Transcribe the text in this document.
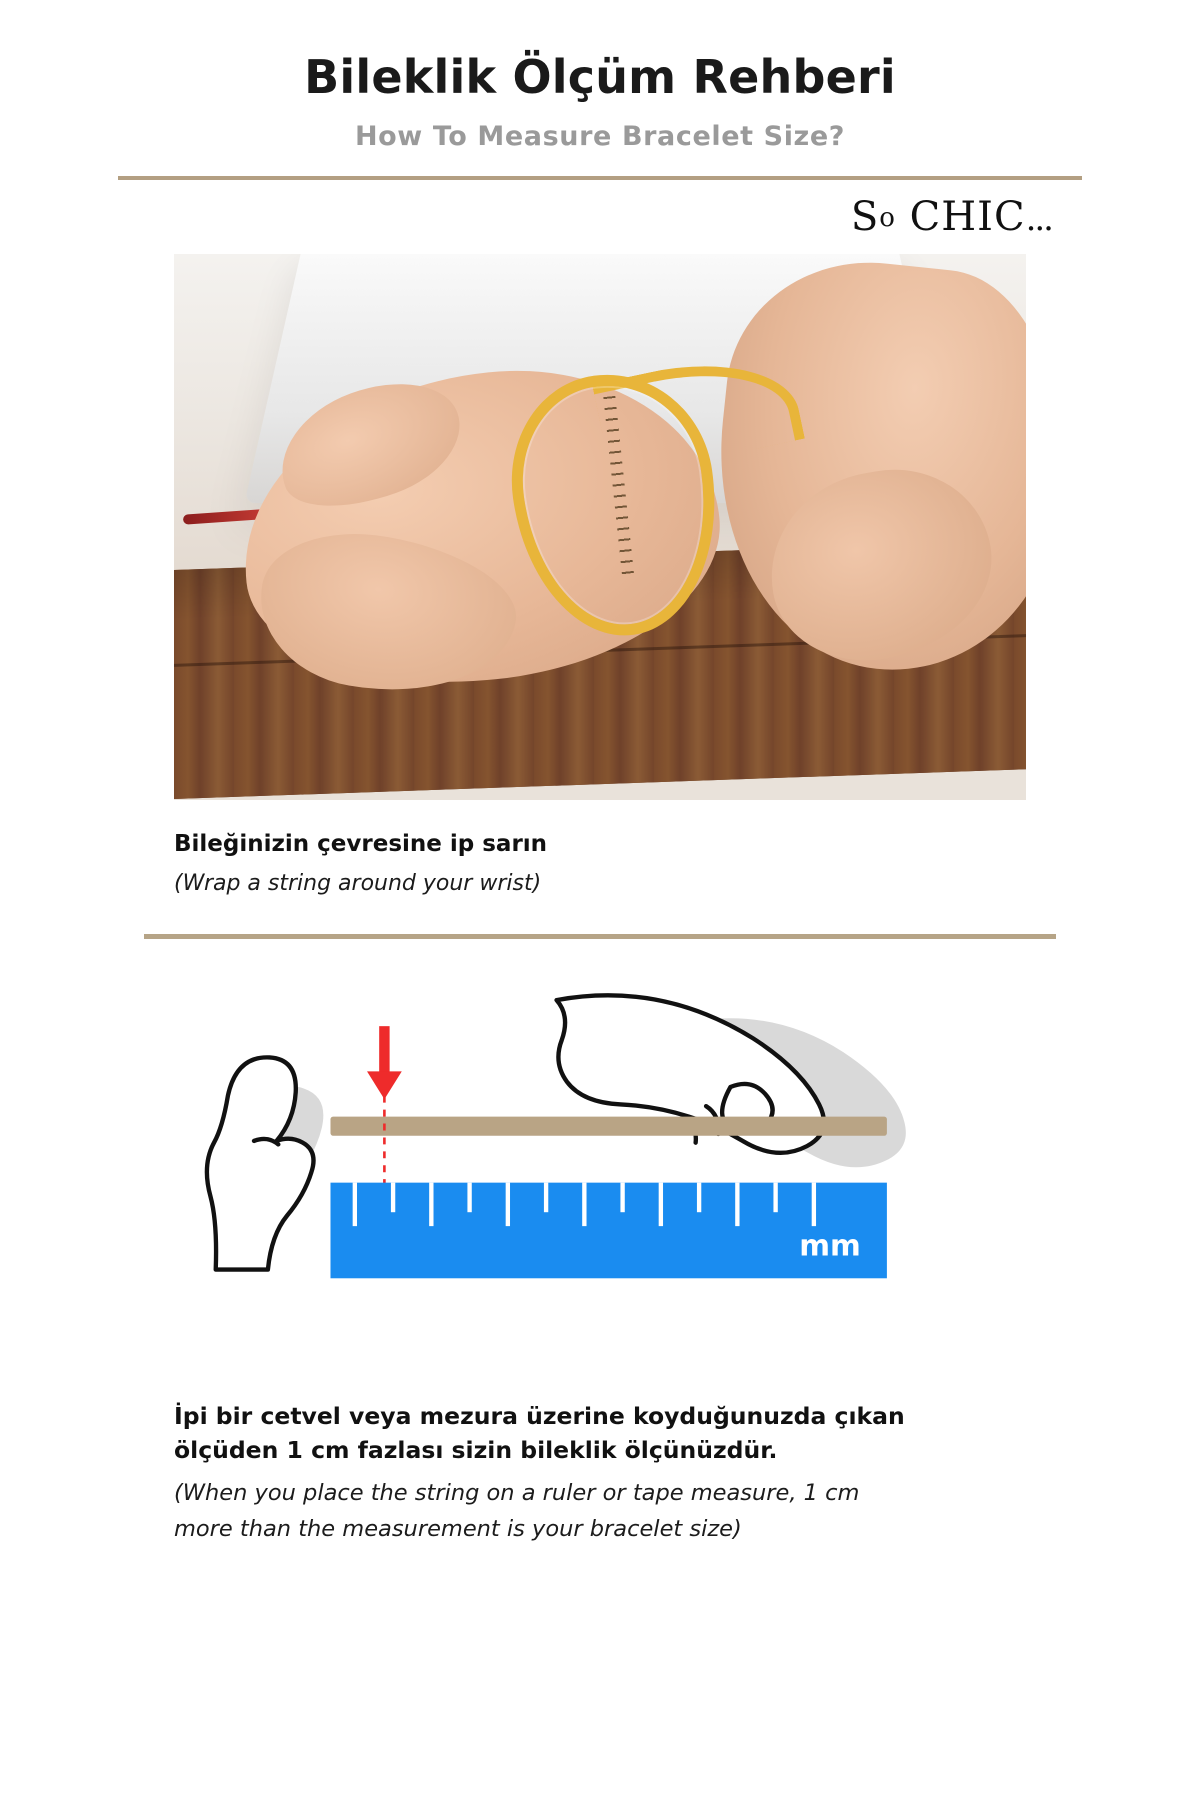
Bileklik Ölçüm Rehberi
How To Measure Bracelet Size?
So CHIC...

Bileğinizin çevresine ip sarın

(Wrap a string around your wrist)

mm

İpi bir cetvel veya mezura üzerine koyduğunuzda çıkan

ölçüden 1 cm fazlası sizin bileklik ölçünüzdür.

(When you place the string on a ruler or tape measure, 1 cm

more than the measurement is your bracelet size)
